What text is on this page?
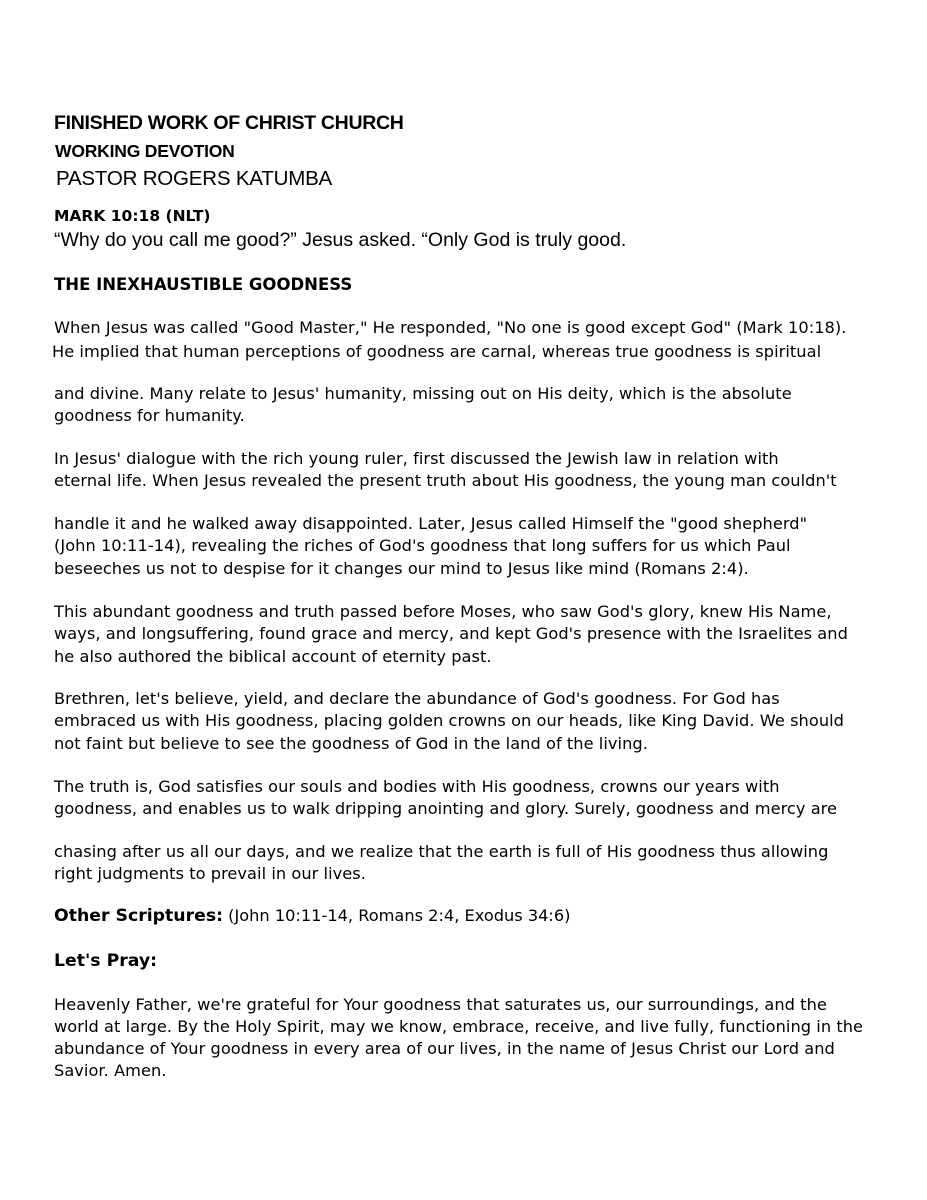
FINISHED WORK OF CHRIST CHURCH
WORKING DEVOTION
PASTOR ROGERS KATUMBA
MARK 10:18 (NLT)
“Why do you call me good?” Jesus asked. “Only God is truly good.
THE INEXHAUSTIBLE GOODNESS
When Jesus was called "Good Master," He responded, "No one is good except God" (Mark 10:18).
He implied that human perceptions of goodness are carnal, whereas true goodness is spiritual
and divine. Many relate to Jesus' humanity, missing out on His deity, which is the absolute
goodness for humanity.
In Jesus' dialogue with the rich young ruler, first discussed the Jewish law in relation with
eternal life. When Jesus revealed the present truth about His goodness, the young man couldn't
handle it and he walked away disappointed. Later, Jesus called Himself the "good shepherd"
(John 10:11-14), revealing the riches of God's goodness that long suffers for us which Paul
beseeches us not to despise for it changes our mind to Jesus like mind (Romans 2:4).
This abundant goodness and truth passed before Moses, who saw God's glory, knew His Name,
ways, and longsuffering, found grace and mercy, and kept God's presence with the Israelites and
he also authored the biblical account of eternity past.
Brethren, let's believe, yield, and declare the abundance of God's goodness. For God has
embraced us with His goodness, placing golden crowns on our heads, like King David. We should
not faint but believe to see the goodness of God in the land of the living.
The truth is, God satisfies our souls and bodies with His goodness, crowns our years with
goodness, and enables us to walk dripping anointing and glory. Surely, goodness and mercy are
chasing after us all our days, and we realize that the earth is full of His goodness thus allowing
right judgments to prevail in our lives.
Other Scriptures: (John 10:11-14, Romans 2:4, Exodus 34:6)
Let's Pray:
Heavenly Father, we're grateful for Your goodness that saturates us, our surroundings, and the
world at large. By the Holy Spirit, may we know, embrace, receive, and live fully, functioning in the
abundance of Your goodness in every area of our lives, in the name of Jesus Christ our Lord and
Savior. Amen.
